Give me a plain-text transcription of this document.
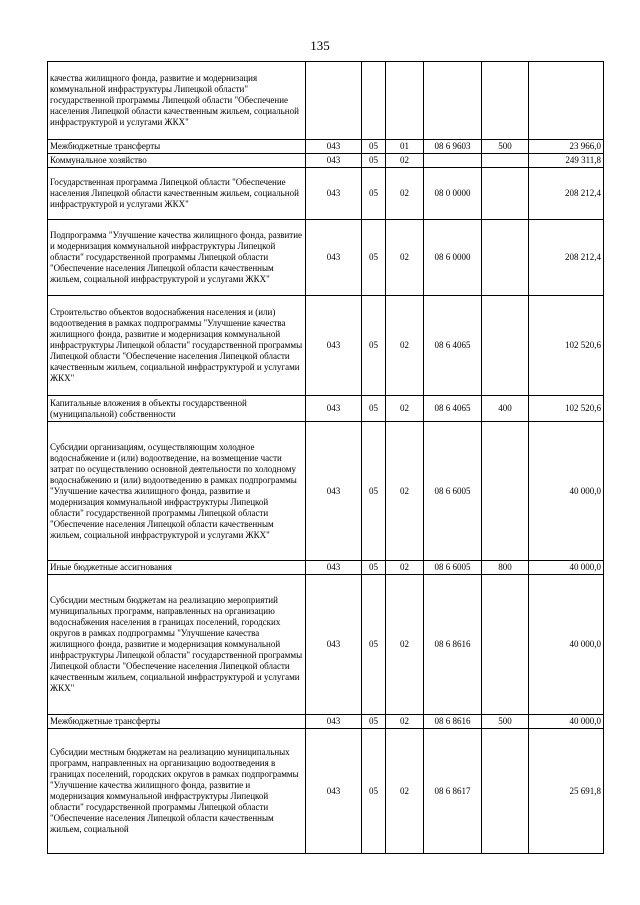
135
качества жилищного фонда, развитие и модернизация коммунальной инфраструктуры Липецкой области" государственной программы Липецкой области "Обеспечение населения Липецкой области качественным жильем, социальной инфраструктурой и услугами ЖКХ"						
Межбюджетные трансферты	043	05	01	08 6 9603	500	23 966,0
Коммунальное хозяйство	043	05	02			249 311,8
Государственная программа Липецкой области "Обеспечение населения Липецкой области качественным жильем, социальной инфраструктурой и услугами ЖКХ"	043	05	02	08 0 0000		208 212,4
Подпрограмма "Улучшение качества жилищного фонда, развитие и модернизация коммунальной инфраструктуры Липецкой области" государственной программы Липецкой области "Обеспечение населения Липецкой области качественным жильем, социальной инфраструктурой и услугами ЖКХ"	043	05	02	08 6 0000		208 212,4
Строительство объектов водоснабжения населения и (или) водоотведения в рамках подпрограммы "Улучшение качества жилищного фонда, развитие и модернизация коммунальной инфраструктуры Липецкой области" государственной программы Липецкой области "Обеспечение населения Липецкой области качественным жильем, социальной инфраструктурой и услугами ЖКХ"	043	05	02	08 6 4065		102 520,6
Капитальные вложения в объекты государственной (муниципальной) собственности	043	05	02	08 6 4065	400	102 520,6
Субсидии организациям, осуществляющим холодное водоснабжение и (или) водоотведение, на возмещение части затрат по осуществлению основной деятельности по холодному водоснабжению и (или) водоотведению в рамках подпрограммы "Улучшение качества жилищного фонда, развитие и модернизация коммунальной инфраструктуры Липецкой области" государственной программы Липецкой области "Обеспечение населения Липецкой области качественным жильем, социальной инфраструктурой и услугами ЖКХ"	043	05	02	08 6 6005		40 000,0
Иные бюджетные ассигнования	043	05	02	08 6 6005	800	40 000,0
Субсидии местным бюджетам на реализацию мероприятий муниципальных программ, направленных на организацию водоснабжения населения в границах поселений, городских округов в рамках подпрограммы "Улучшение качества жилищного фонда, развитие и модернизация коммунальной инфраструктуры Липецкой области" государственной программы Липецкой области "Обеспечение населения Липецкой области качественным жильем, социальной инфраструктурой и услугами ЖКХ"	043	05	02	08 6 8616		40 000,0
Межбюджетные трансферты	043	05	02	08 6 8616	500	40 000,0
Субсидии местным бюджетам на реализацию муниципальных программ, направленных на организацию водоотведения в границах поселений, городских округов в рамках подпрограммы "Улучшение качества жилищного фонда, развитие и модернизация коммунальной инфраструктуры Липецкой области" государственной программы Липецкой области "Обеспечение населения Липецкой области качественным жильем, социальной	043	05	02	08 6 8617		25 691,8
